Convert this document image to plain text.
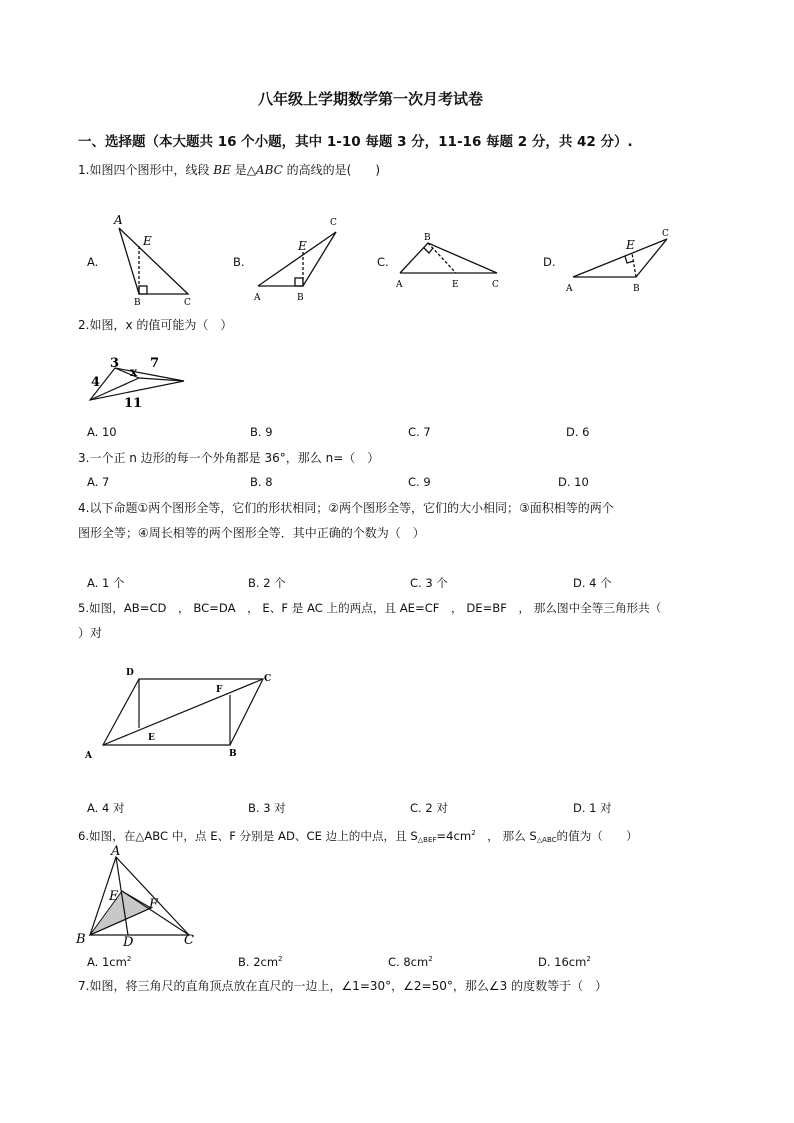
八年级上学期数学第一次月考试卷
一、选择题（本大题共 16 个小题，其中 1-10 每题 3 分，11-16 每题 2 分，共 42 分）.
1.如图四个图形中，线段 BE 是△ABC 的高线的是(　　)
A.	B.	C.	D.
A
E
B	C
E
C
A	B
B
A	E	C
E
C
A	B
2.如图，x 的值可能为（　）
3 7
x
4
11
A. 10	B. 9	C. 7	D. 6
3.一个正 n 边形的每一个外角都是 36°，那么 n=（　）
A. 7	B. 8	C. 9	D. 10
4.以下命题①两个图形全等，它们的形状相同；②两个图形全等，它们的大小相同；③面积相等的两个
图形全等；④周长相等的两个图形全等．其中正确的个数为（　）
A. 1 个	B. 2 个	C. 3 个	D. 4 个
5.如图，AB=CD　， BC=DA　， E、F 是 AC 上的两点，且 AE=CF　， DE=BF　， 那么图中全等三角形共（
）对
D
C
F
E
A	B
A. 4 对	B. 3 对	C. 2 对	D. 1 对
6.如图，在△ABC 中，点 E、F 分别是 AD、CE 边上的中点，且 $S_{\triangle BEF}=4cm^2$　， 那么 $S_{\triangle ABC}$的值为（　　）
A
E
F
B	D	C
A. $1cm^2$	B. $2cm^2$	C. $8cm^2$	D. $16cm^2$
7.如图，将三角尺的直角顶点放在直尺的一边上，∠1=30°，∠2=50°，那么∠3 的度数等于（　）
